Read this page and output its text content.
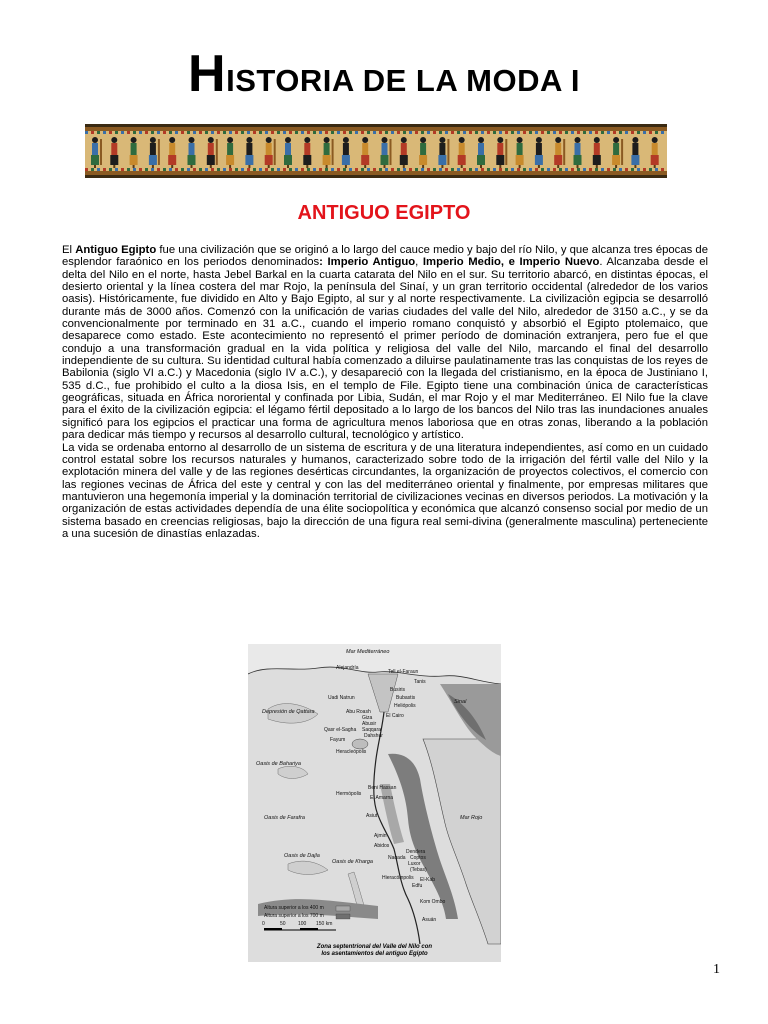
HISTORIA DE LA MODA I
ANTIGUO EGIPTO

El Antiguo Egipto fue una civilización que se originó a lo largo del cauce medio y bajo del río Nilo, y que alcanza tres épocas de esplendor faraónico en los periodos denominados: Imperio Antiguo, Imperio Medio, e Imperio Nuevo. Alcanzaba desde el delta del Nilo en el norte, hasta Jebel Barkal en la cuarta catarata del Nilo en el sur. Su territorio abarcó, en distintas épocas, el desierto oriental y la línea costera del mar Rojo, la península del Sinaí, y un gran territorio occidental (alrededor de los varios oasis). Históricamente, fue dividido en Alto y Bajo Egipto, al sur y al norte respectivamente. La civilización egipcia se desarrolló durante más de 3000 años. Comenzó con la unificación de varias ciudades del valle del Nilo, alrededor de 3150 a.C., y se da convencionalmente por terminado en 31 a.C., cuando el imperio romano conquistó y absorbió el Egipto ptolemaico, que desaparece como estado. Este acontecimiento no representó el primer período de dominación extranjera, pero fue el que condujo a una transformación gradual en la vida política y religiosa del valle del Nilo, marcando el final del desarrollo independiente de su cultura. Su identidad cultural había comenzado a diluirse paulatinamente tras las conquistas de los reyes de Babilonia (siglo VI a.C.) y Macedonia (siglo IV a.C.), y desapareció con la llegada del cristianismo, en la época de Justiniano I, 535 d.C., fue prohibido el culto a la diosa Isis, en el templo de File. Egipto tiene una combinación única de características geográficas, situada en África nororiental y confinada por Libia, Sudán, el mar Rojo y el mar Mediterráneo. El Nilo fue la clave para el éxito de la civilización egipcia: el légamo fértil depositado a lo largo de los bancos del Nilo tras las inundaciones anuales significó para los egipcios el practicar una forma de agricultura menos laboriosa que en otras zonas, liberando a la población para dedicar más tiempo y recursos al desarrollo cultural, tecnológico y artístico.

La vida se ordenaba entorno al desarrollo de un sistema de escritura y de una literatura independientes, así como en un cuidado control estatal sobre los recursos naturales y humanos, caracterizado sobre todo de la irrigación del fértil valle del Nilo y la explotación minera del valle y de las regiones desérticas circundantes, la organización de proyectos colectivos, el comercio con las regiones vecinas de África del este y central y con las del mediterráneo oriental y finalmente, por empresas militares que mantuvieron una hegemonía imperial y la dominación territorial de civilizaciones vecinas en diversos periodos. La motivación y la organización de estas actividades dependía de una élite sociopolítica y económica que alcanzó consenso social por medio de un sistema basado en creencias religiosas, bajo la dirección de una figura real semi-divina (generalmente masculina) perteneciente a una sucesión de dinastías enlazadas.

Mar Mediterráneo
Alejandría
Tell el-Faraun
Tanis
Busiris
Bubastis
Heliópolis
Uadi Natrun
Abu Roash
Giza	El Cairo
Abusir
Saqqara
Dahshur
Depresión de Qattara
Qasr el-Sagha
Fayum
Heracleópolis
Sinaí
Oasis de Bahariya
Beni Hassan
Hermópolis
El Amarna
Oasis de Farafra	Asiut	Mar Rojo
Ajmin
Abidos
Dendera
Naqada Coptos
Luxor
(Tebas)
Oasis de Dajla
Oasis de Kharga
Hieracómpolis El-Kab
Edfu
Kom Ombo
Asuán
Altura superior a los 400 m
Altura superior a los 700 m
0	50 100 150 km
Zona septentrional del Valle del Nilo con
los asentamientos del antiguo Egipto
1
